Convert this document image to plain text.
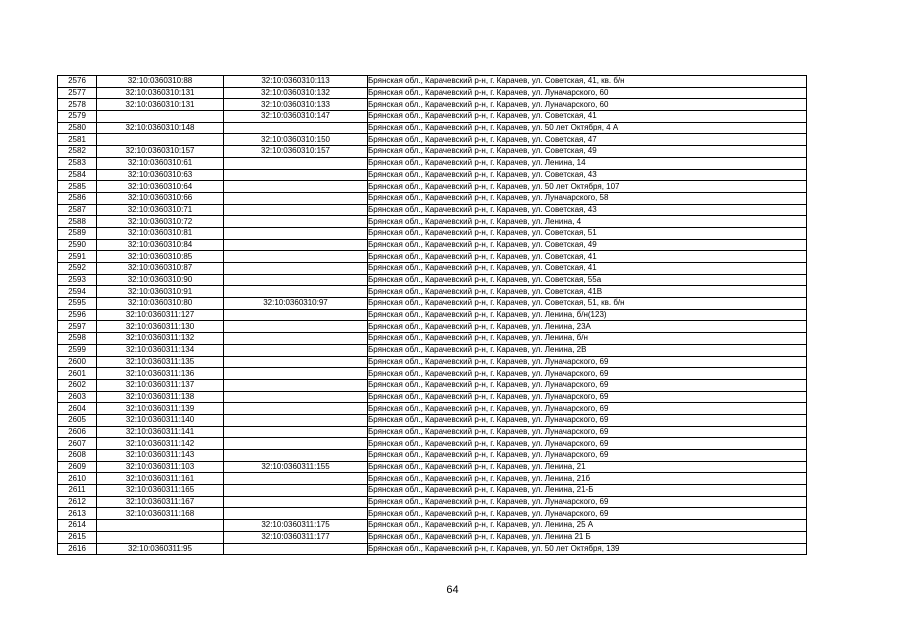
2576	32:10:0360310:88	32:10:0360310:113	Брянская обл., Карачевский р-н, г. Карачев, ул. Советская, 41, кв. б/н
2577	32:10:0360310:131	32:10:0360310:132	Брянская обл., Карачевский р-н, г. Карачев, ул. Луначарского, 60
2578	32:10:0360310:131	32:10:0360310:133	Брянская обл., Карачевский р-н, г. Карачев, ул. Луначарского, 60
2579		32:10:0360310:147	Брянская обл., Карачевский р-н, г. Карачев, ул. Советская, 41
2580	32:10:0360310:148		Брянская обл., Карачевский р-н, г. Карачев, ул. 50 лет Октября, 4 А
2581		32:10:0360310:150	Брянская обл., Карачевский р-н, г. Карачев, ул. Советская, 47
2582	32:10:0360310:157	32:10:0360310:157	Брянская обл., Карачевский р-н, г. Карачев, ул. Советская, 49
2583	32:10:0360310:61		Брянская обл., Карачевский р-н, г. Карачев, ул. Ленина, 14
2584	32:10:0360310:63		Брянская обл., Карачевский р-н, г. Карачев, ул. Советская, 43
2585	32:10:0360310:64		Брянская обл., Карачевский р-н, г. Карачев, ул. 50 лет Октября, 107
2586	32:10:0360310:66		Брянская обл., Карачевский р-н, г. Карачев, ул. Луначарского, 58
2587	32:10:0360310:71		Брянская обл., Карачевский р-н, г. Карачев, ул. Советская, 43
2588	32:10:0360310:72		Брянская обл., Карачевский р-н, г. Карачев, ул. Ленина, 4
2589	32:10:0360310:81		Брянская обл., Карачевский р-н, г. Карачев, ул. Советская, 51
2590	32:10:0360310:84		Брянская обл., Карачевский р-н, г. Карачев, ул. Советская, 49
2591	32:10:0360310:85		Брянская обл., Карачевский р-н, г. Карачев, ул. Советская, 41
2592	32:10:0360310:87		Брянская обл., Карачевский р-н, г. Карачев, ул. Советская, 41
2593	32:10:0360310:90		Брянская обл., Карачевский р-н, г. Карачев, ул. Советская, 55а
2594	32:10:0360310:91		Брянская обл., Карачевский р-н, г. Карачев, ул. Советская, 41В
2595	32:10:0360310:80	32:10:0360310:97	Брянская обл., Карачевский р-н, г. Карачев, ул. Советская, 51, кв. б/н
2596	32:10:0360311:127		Брянская обл., Карачевский р-н, г. Карачев, ул. Ленина, б/н(123)
2597	32:10:0360311:130		Брянская обл., Карачевский р-н, г. Карачев, ул. Ленина, 23А
2598	32:10:0360311:132		Брянская обл., Карачевский р-н, г. Карачев, ул. Ленина, б/н
2599	32:10:0360311:134		Брянская обл., Карачевский р-н, г. Карачев, ул. Ленина, 2В
2600	32:10:0360311:135		Брянская обл., Карачевский р-н, г. Карачев, ул. Луначарского, 69
2601	32:10:0360311:136		Брянская обл., Карачевский р-н, г. Карачев, ул. Луначарского, 69
2602	32:10:0360311:137		Брянская обл., Карачевский р-н, г. Карачев, ул. Луначарского, 69
2603	32:10:0360311:138		Брянская обл., Карачевский р-н, г. Карачев, ул. Луначарского, 69
2604	32:10:0360311:139		Брянская обл., Карачевский р-н, г. Карачев, ул. Луначарского, 69
2605	32:10:0360311:140		Брянская обл., Карачевский р-н, г. Карачев, ул. Луначарского, 69
2606	32:10:0360311:141		Брянская обл., Карачевский р-н, г. Карачев, ул. Луначарского, 69
2607	32:10:0360311:142		Брянская обл., Карачевский р-н, г. Карачев, ул. Луначарского, 69
2608	32:10:0360311:143		Брянская обл., Карачевский р-н, г. Карачев, ул. Луначарского, 69
2609	32:10:0360311:103	32:10:0360311:155	Брянская обл., Карачевский р-н, г. Карачев, ул. Ленина, 21
2610	32:10:0360311:161		Брянская обл., Карачевский р-н, г. Карачев, ул. Ленина, 21б
2611	32:10:0360311:165		Брянская обл., Карачевский р-н, г. Карачев, ул. Ленина, 21-Б
2612	32:10:0360311:167		Брянская обл., Карачевский р-н, г. Карачев, ул. Луначарского, 69
2613	32:10:0360311:168		Брянская обл., Карачевский р-н, г. Карачев, ул. Луначарского, 69
2614		32:10:0360311:175	Брянская обл., Карачевский р-н, г. Карачев, ул. Ленина, 25 А
2615		32:10:0360311:177	Брянская обл., Карачевский р-н, г. Карачев, ул. Ленина 21 Б
2616	32:10:0360311:95		Брянская обл., Карачевский р-н, г. Карачев, ул. 50 лет Октября, 139
64
